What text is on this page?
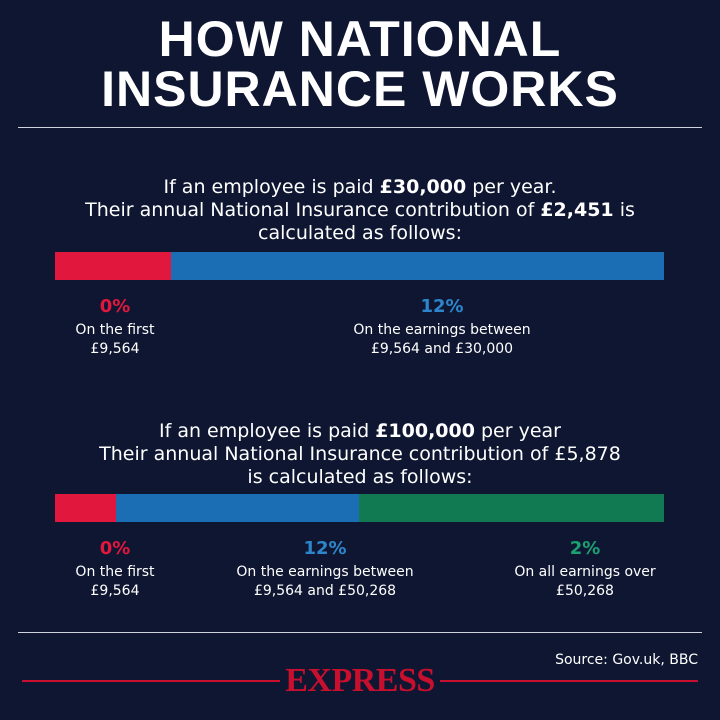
HOW NATIONAL
INSURANCE WORKS
If an employee is paid £30,000 per year.
Their annual National Insurance contribution of £2,451 is
calculated as follows:
0%
On the first
£9,564
12%
On the earnings between
£9,564 and £30,000
If an employee is paid £100,000 per year
Their annual National Insurance contribution of £5,878
is calculated as follows:
0%
On the first
£9,564
12%
On the earnings between
£9,564 and £50,268
2%
On all earnings over
£50,268
Source: Gov.uk, BBC
EXPRESS
